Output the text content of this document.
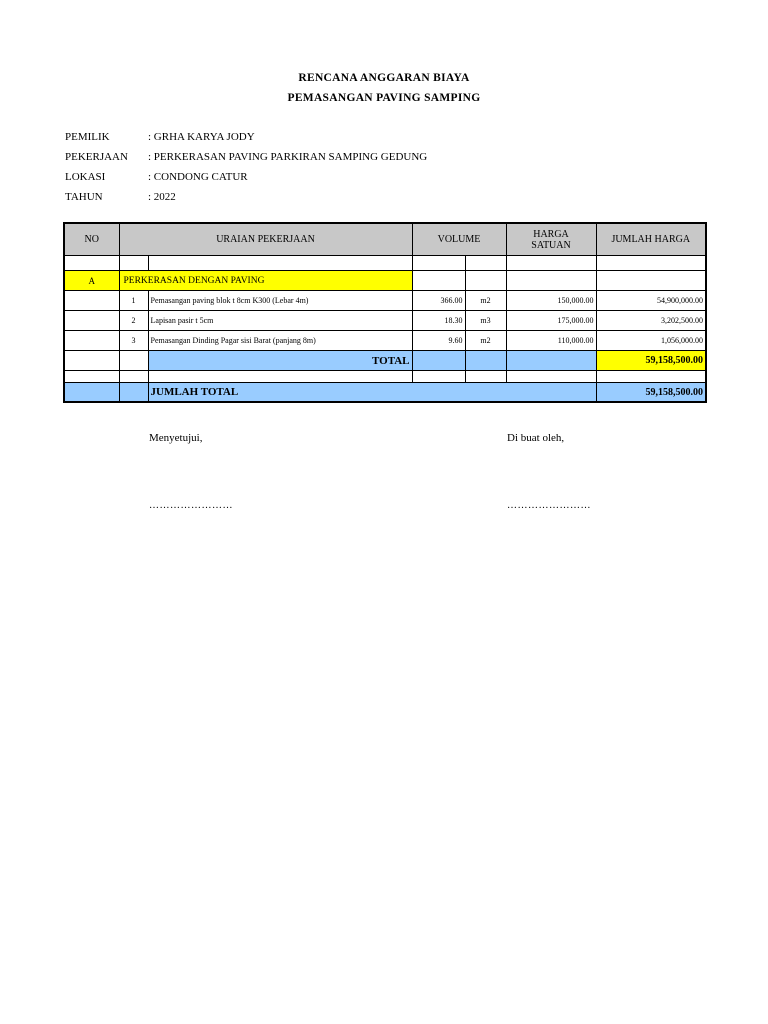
RENCANA ANGGARAN BIAYA
PEMASANGAN PAVING SAMPING
PEMILIK	: GRHA KARYA JODY
PEKERJAAN : PERKERASAN PAVING PARKIRAN SAMPING GEDUNG
LOKASI	: CONDONG CATUR
TAHUN	: 2022
NO	URAIAN PEKERJAAN		VOLUME		HARGA
SATUAN	JUMLAH HARGA

A	PERKERASAN DENGAN PAVING					
	1	Pemasangan paving blok t 8cm K300 (Lebar 4m)	366.00	m2	150,000.00	54,900,000.00
	2	Lapisan pasir t 5cm	18.30	m3	175,000.00	3,202,500.00
	3	Pemasangan Dinding Pagar sisi Barat (panjang 8m)	9.60	m2	110,000.00	1,056,000.00
		TOTAL				59,158,500.00

		JUMLAH TOTAL				59,158,500.00
Menyetujui,	Di buat oleh,
……………………	……………………
